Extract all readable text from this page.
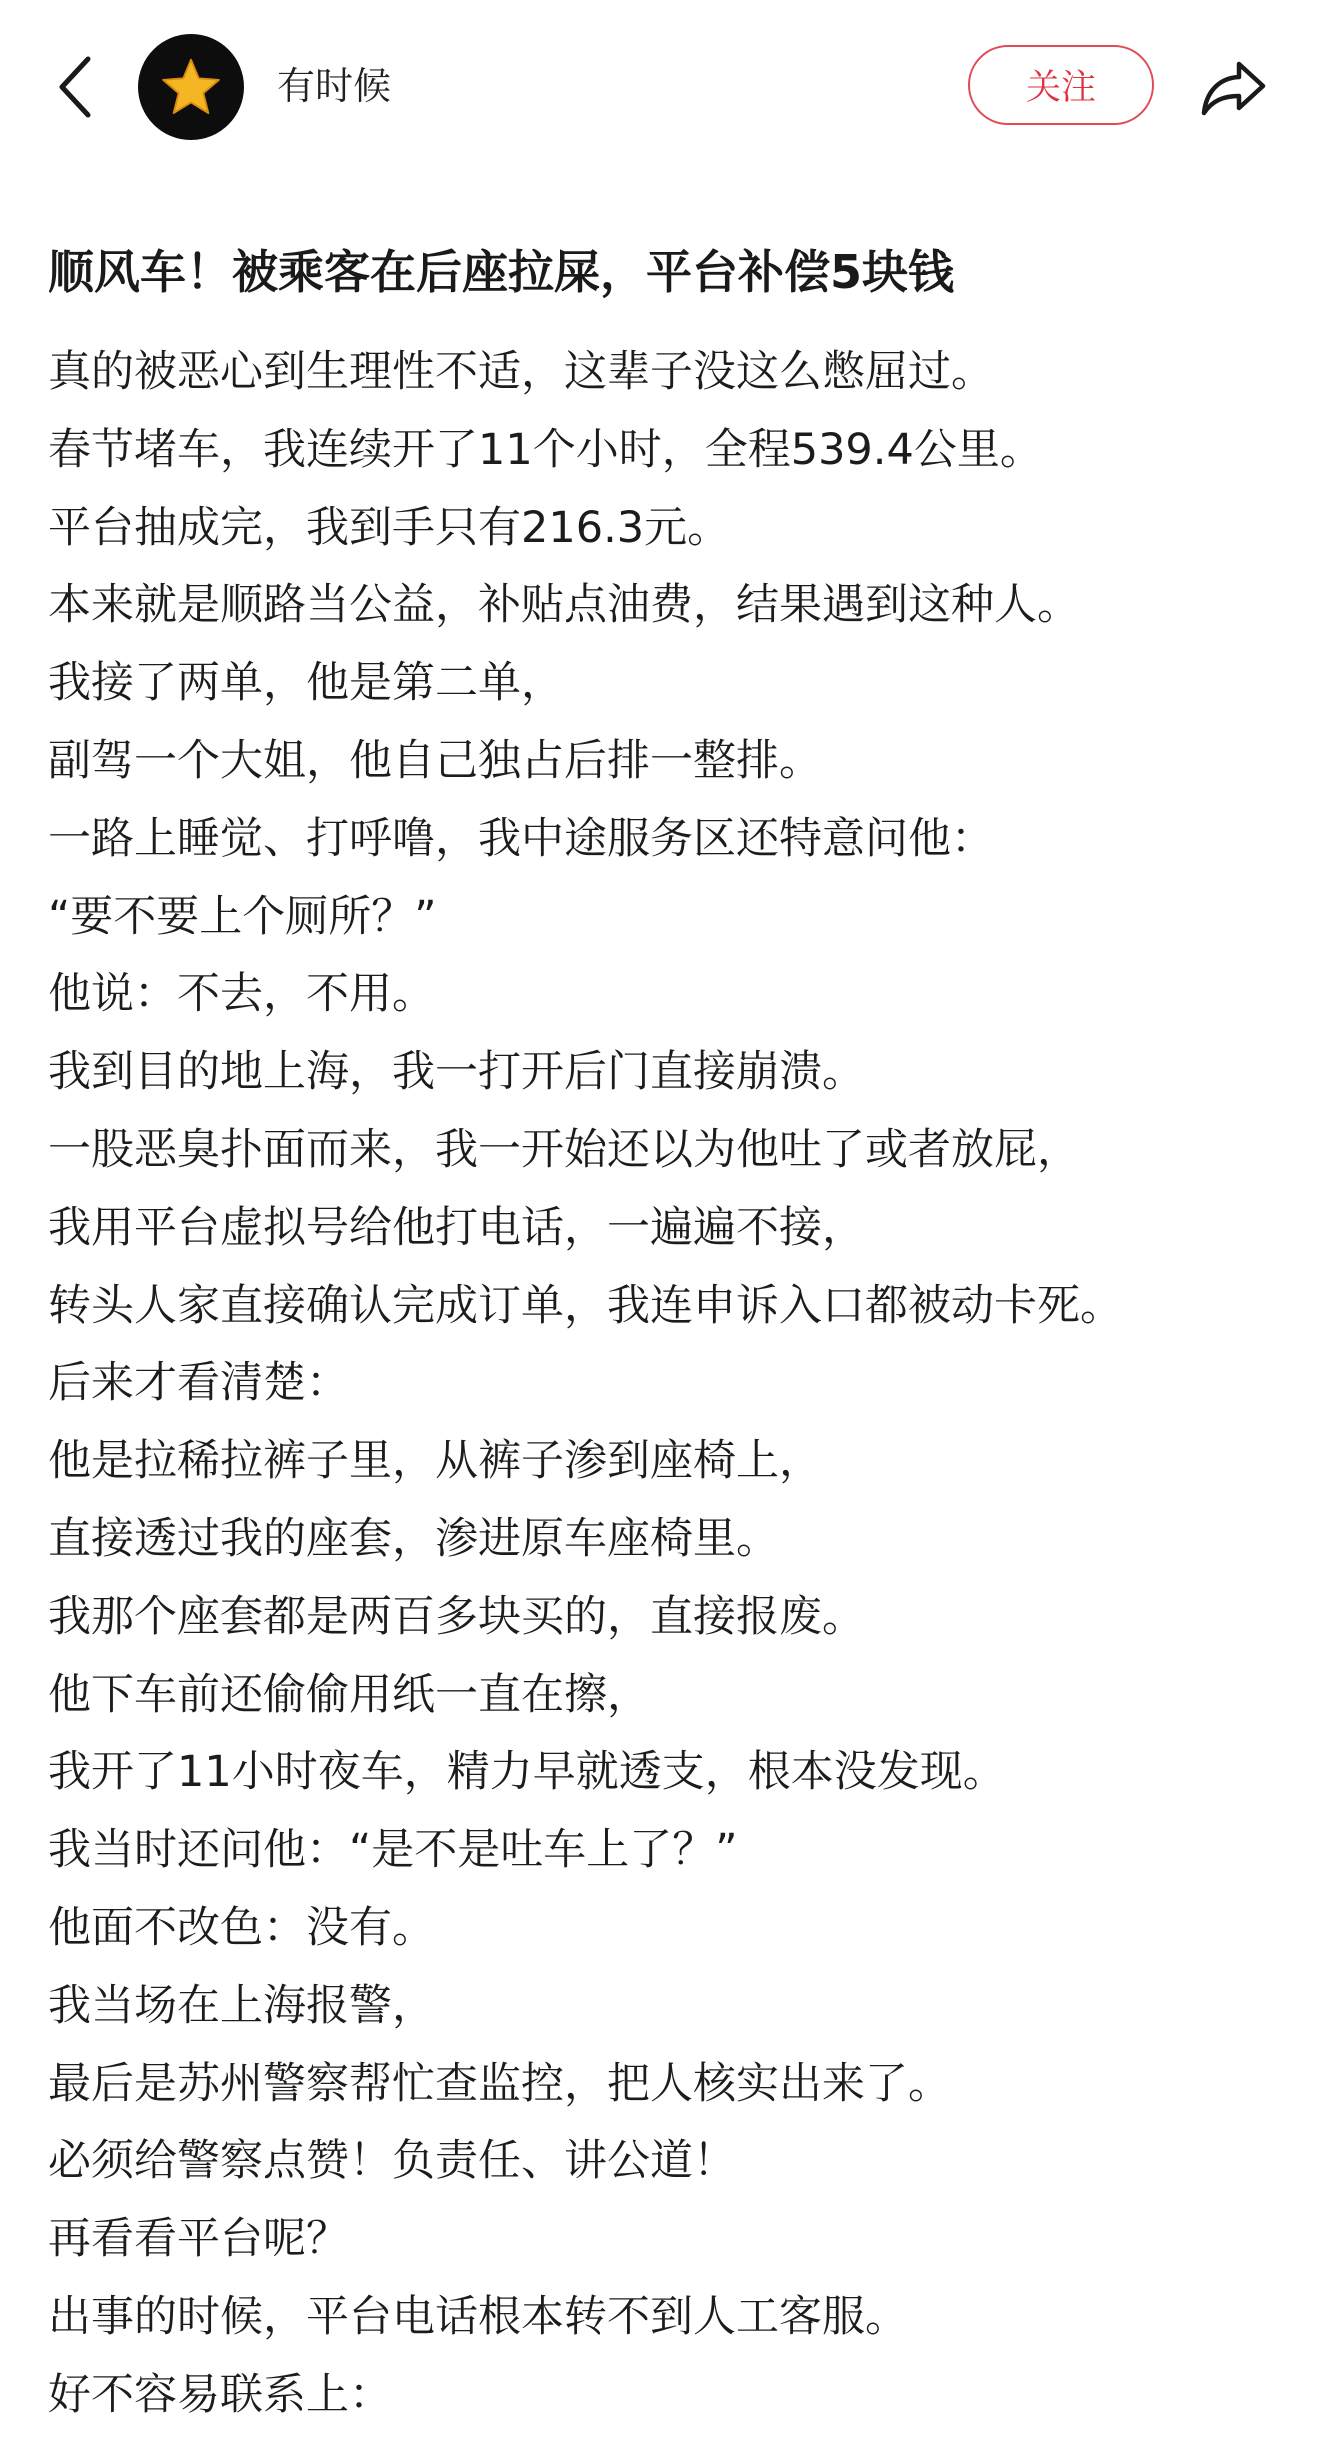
有时候	关注
顺风车！被乘客在后座拉屎，平台补偿5块钱
真的被恶心到生理性不适，这辈子没这么憋屈过。
春节堵车，我连续开了11个小时，全程539.4公里。
平台抽成完，我到手只有216.3元。
本来就是顺路当公益，补贴点油费，结果遇到这种人。
我接了两单，他是第二单，
副驾一个大姐，他自己独占后排一整排。
一路上睡觉、打呼噜，我中途服务区还特意问他：
“要不要上个厕所？”
他说：不去，不用。
我到目的地上海，我一打开后门直接崩溃。
一股恶臭扑面而来，我一开始还以为他吐了或者放屁，
我用平台虚拟号给他打电话，一遍遍不接，
转头人家直接确认完成订单，我连申诉入口都被动卡死。
后来才看清楚：
他是拉稀拉裤子里，从裤子渗到座椅上，
直接透过我的座套，渗进原车座椅里。
我那个座套都是两百多块买的，直接报废。
他下车前还偷偷用纸一直在擦，
我开了11小时夜车，精力早就透支，根本没发现。
我当时还问他：“是不是吐车上了？”
他面不改色：没有。
我当场在上海报警，
最后是苏州警察帮忙查监控，把人核实出来了。
必须给警察点赞！负责任、讲公道！
再看看平台呢？
出事的时候，平台电话根本转不到人工客服。
好不容易联系上：
